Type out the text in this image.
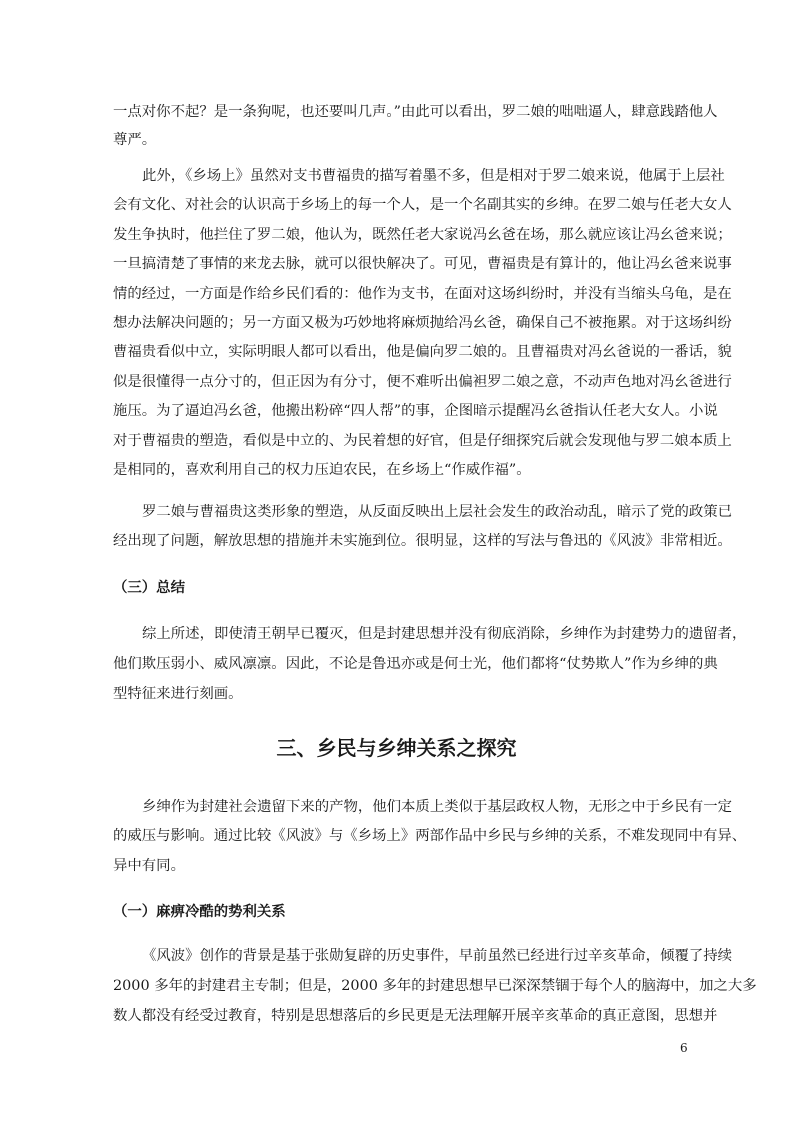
一点对你不起？是一条狗呢，也还要叫几声。”由此可以看出，罗二娘的咄咄逼人，肆意践踏他人
尊严。
此外，《乡场上》虽然对支书曹福贵的描写着墨不多，但是相对于罗二娘来说，他属于上层社
会有文化、对社会的认识高于乡场上的每一个人，是一个名副其实的乡绅。在罗二娘与任老大女人
发生争执时，他拦住了罗二娘，他认为，既然任老大家说冯幺爸在场，那么就应该让冯幺爸来说；
一旦搞清楚了事情的来龙去脉，就可以很快解决了。可见，曹福贵是有算计的，他让冯幺爸来说事
情的经过，一方面是作给乡民们看的：他作为支书，在面对这场纠纷时，并没有当缩头乌龟，是在
想办法解决问题的；另一方面又极为巧妙地将麻烦抛给冯幺爸，确保自己不被拖累。对于这场纠纷
曹福贵看似中立，实际明眼人都可以看出，他是偏向罗二娘的。且曹福贵对冯幺爸说的一番话，貌
似是很懂得一点分寸的，但正因为有分寸，便不难听出偏袒罗二娘之意，不动声色地对冯幺爸进行
施压。为了逼迫冯幺爸，他搬出粉碎“四人帮”的事，企图暗示提醒冯幺爸指认任老大女人。小说
对于曹福贵的塑造，看似是中立的、为民着想的好官，但是仔细探究后就会发现他与罗二娘本质上
是相同的，喜欢利用自己的权力压迫农民，在乡场上“作威作福”。
罗二娘与曹福贵这类形象的塑造，从反面反映出上层社会发生的政治动乱，暗示了党的政策已
经出现了问题，解放思想的措施并未实施到位。很明显，这样的写法与鲁迅的《风波》非常相近。
（三）总结
综上所述，即使清王朝早已覆灭，但是封建思想并没有彻底消除，乡绅作为封建势力的遗留者，
他们欺压弱小、威风凛凛。因此，不论是鲁迅亦或是何士光，他们都将“仗势欺人”作为乡绅的典
型特征来进行刻画。
三、乡民与乡绅关系之探究
乡绅作为封建社会遗留下来的产物，他们本质上类似于基层政权人物，无形之中于乡民有一定
的威压与影响。通过比较《风波》与《乡场上》两部作品中乡民与乡绅的关系，不难发现同中有异、
异中有同。
（一）麻痹冷酷的势利关系
《风波》创作的背景是基于张勋复辟的历史事件，早前虽然已经进行过辛亥革命，倾覆了持续
2000 多年的封建君主专制；但是，2000 多年的封建思想早已深深禁锢于每个人的脑海中，加之大多
数人都没有经受过教育，特别是思想落后的乡民更是无法理解开展辛亥革命的真正意图，思想并
6
